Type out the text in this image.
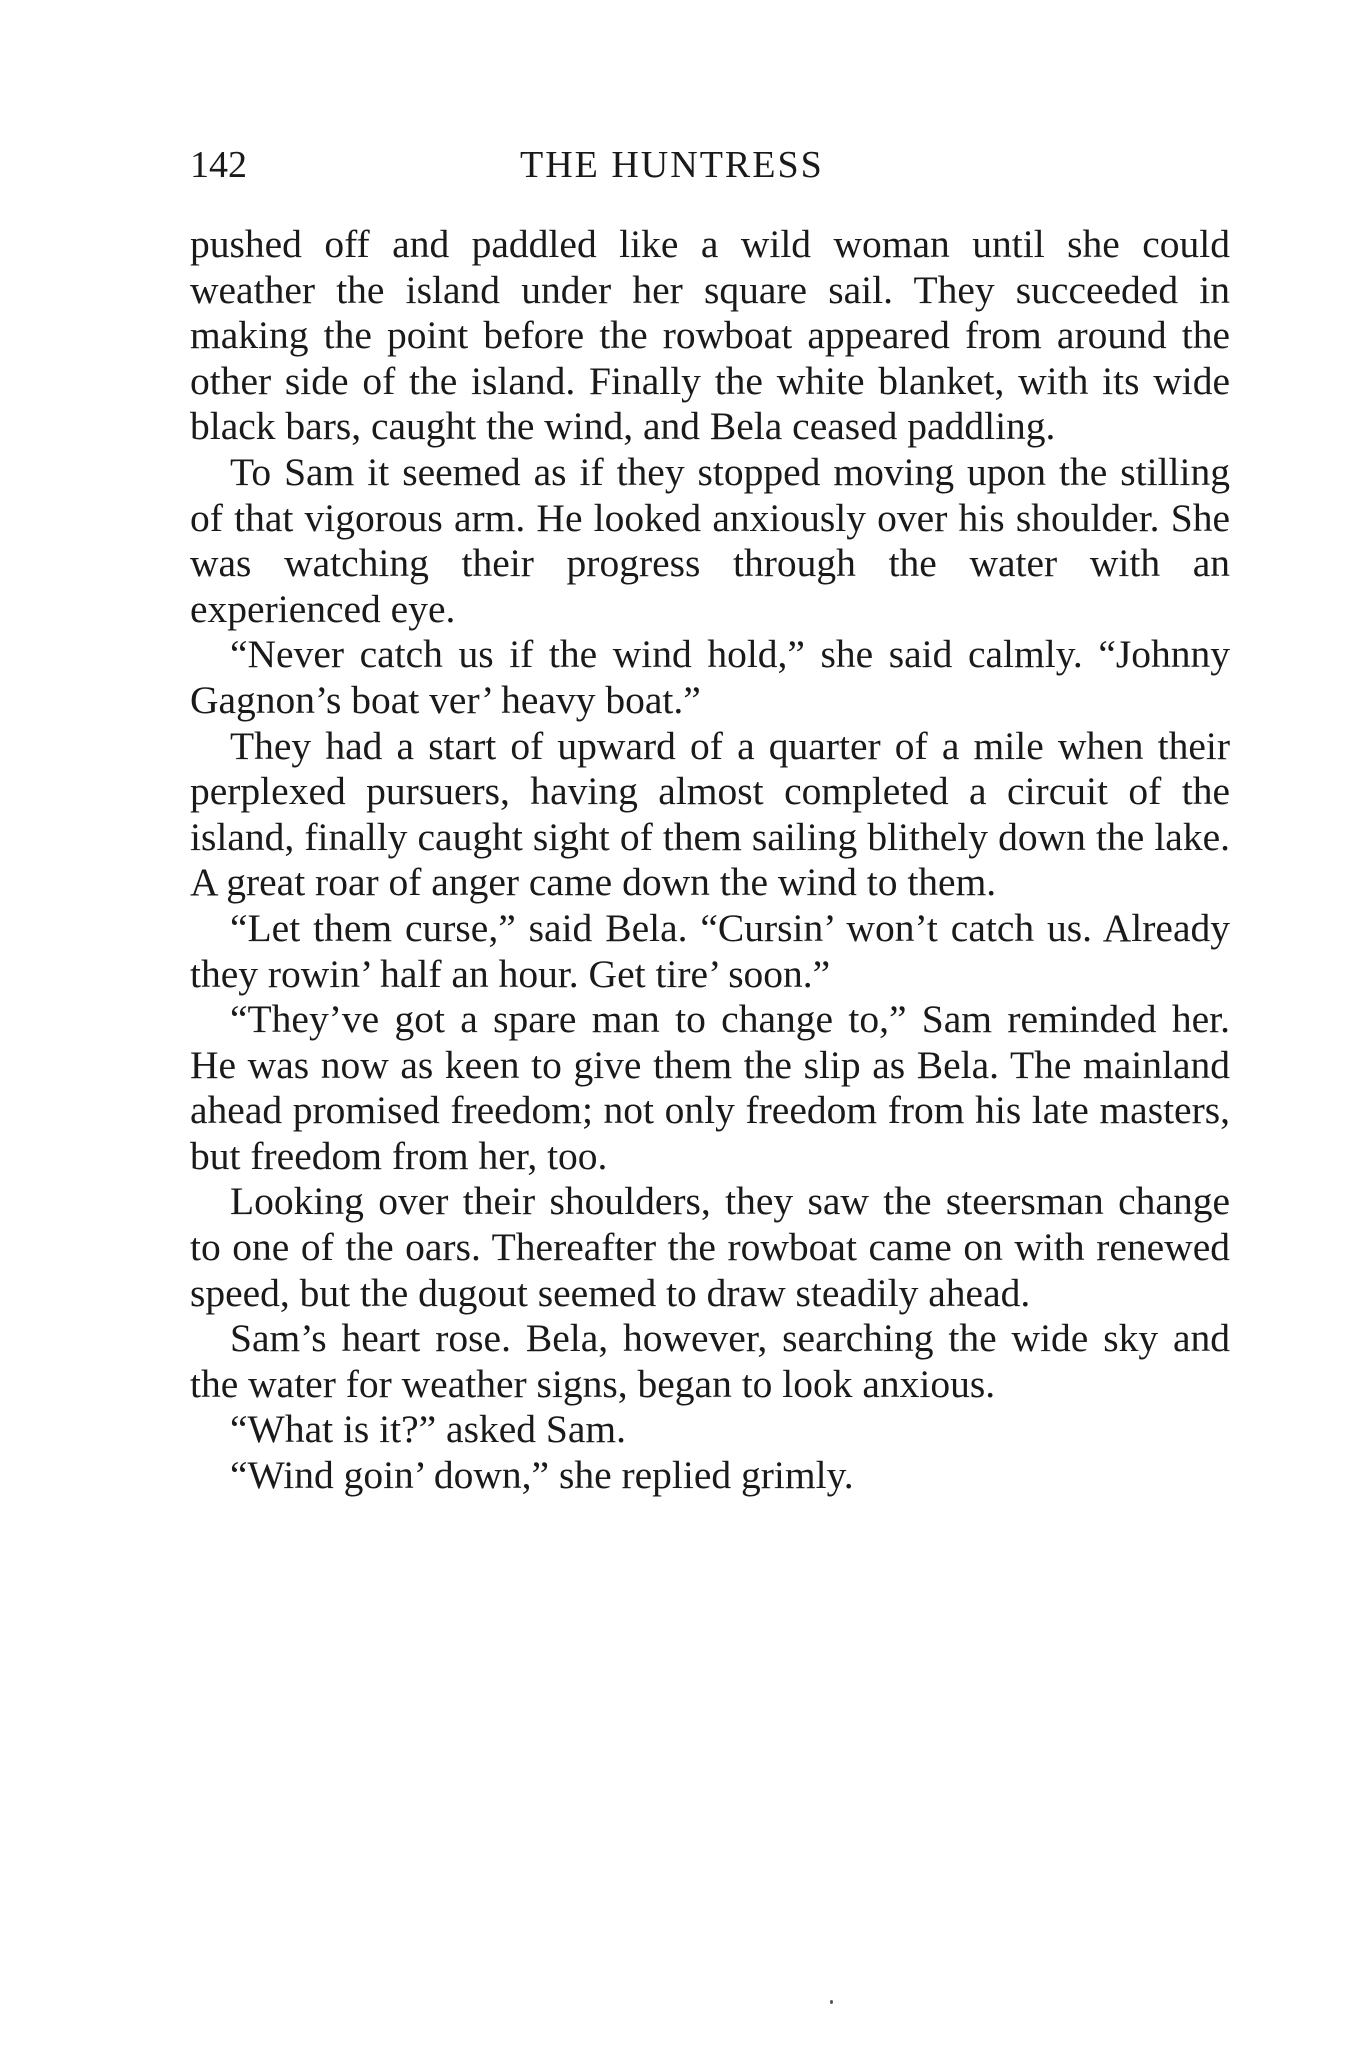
142	THE HUNTRESS

pushed off and paddled like a wild woman until she could weather the island under her square sail. They succeeded in making the point before the rowboat appeared from around the other side of the island. Finally the white blanket, with its wide black bars, caught the wind, and Bela ceased paddling.

To Sam it seemed as if they stopped moving upon the stilling of that vigorous arm. He looked anxiously over his shoulder. She was watching their progress through the water with an experienced eye.

“Never catch us if the wind hold,” she said calmly. “Johnny Gagnon’s boat ver’ heavy boat.”

They had a start of upward of a quarter of a mile when their perplexed pursuers, having almost completed a circuit of the island, finally caught sight of them sailing blithely down the lake. A great roar of anger came down the wind to them.

“Let them curse,” said Bela. “Cursin’ won’t catch us. Already they rowin’ half an hour. Get tire’ soon.”

“They’ve got a spare man to change to,” Sam reminded her. He was now as keen to give them the slip as Bela. The mainland ahead promised freedom; not only freedom from his late masters, but freedom from her, too.

Looking over their shoulders, they saw the steersman change to one of the oars. Thereafter the rowboat came on with renewed speed, but the dugout seemed to draw steadily ahead.

Sam’s heart rose. Bela, however, searching the wide sky and the water for weather signs, began to look anxious.

“What is it?” asked Sam.

“Wind goin’ down,” she replied grimly.
